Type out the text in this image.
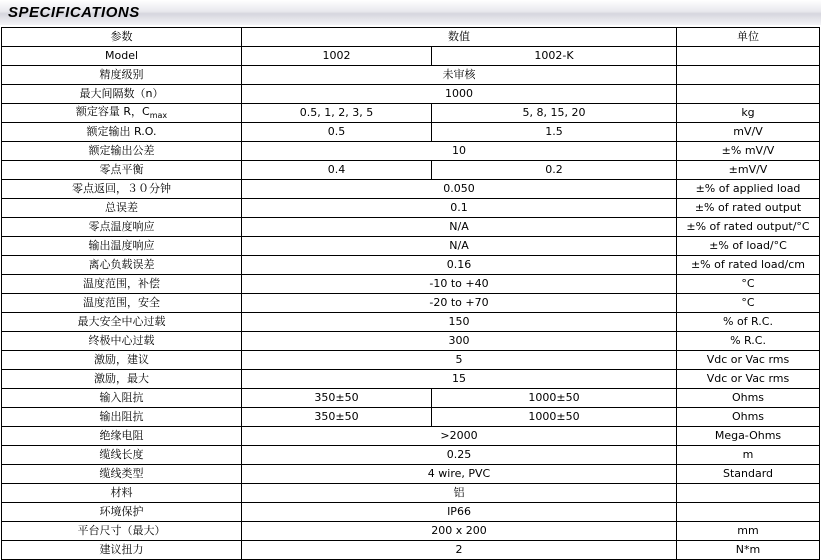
SPECIFICATIONS
参数	数值		单位
Model	1002	1002-K	
精度级别	未审核		
最大间隔数（n）	1000		
额定容量 R，$C_{max}$	0.5, 1, 2, 3, 5	5, 8, 15, 20	kg
额定输出 R.O.	0.5	1.5	mV/V
额定输出公差	10		±% mV/V
零点平衡	0.4	0.2	±mV/V
零点返回，３０分钟	0.050		±% of applied load
总误差	0.1		±% of rated output
零点温度响应	N/A		±% of rated output/°C
输出温度响应	N/A		±% of load/°C
离心负载误差	0.16		±% of rated load/cm
温度范围，补偿	-10 to +40		°C
温度范围，安全	-20 to +70		°C
最大安全中心过载	150		% of R.C.
终极中心过载	300		% R.C.
激励，建议	5		Vdc or Vac rms
激励，最大	15		Vdc or Vac rms
输入阻抗	350±50	1000±50	Ohms
输出阻抗	350±50	1000±50	Ohms
绝缘电阻	>2000		Mega-Ohms
缆线长度	0.25		m
缆线类型	4 wire, PVC		Standard
材料	铝		
环境保护	IP66		
平台尺寸（最大）	200 x 200		mm
建议扭力	2		N*m
